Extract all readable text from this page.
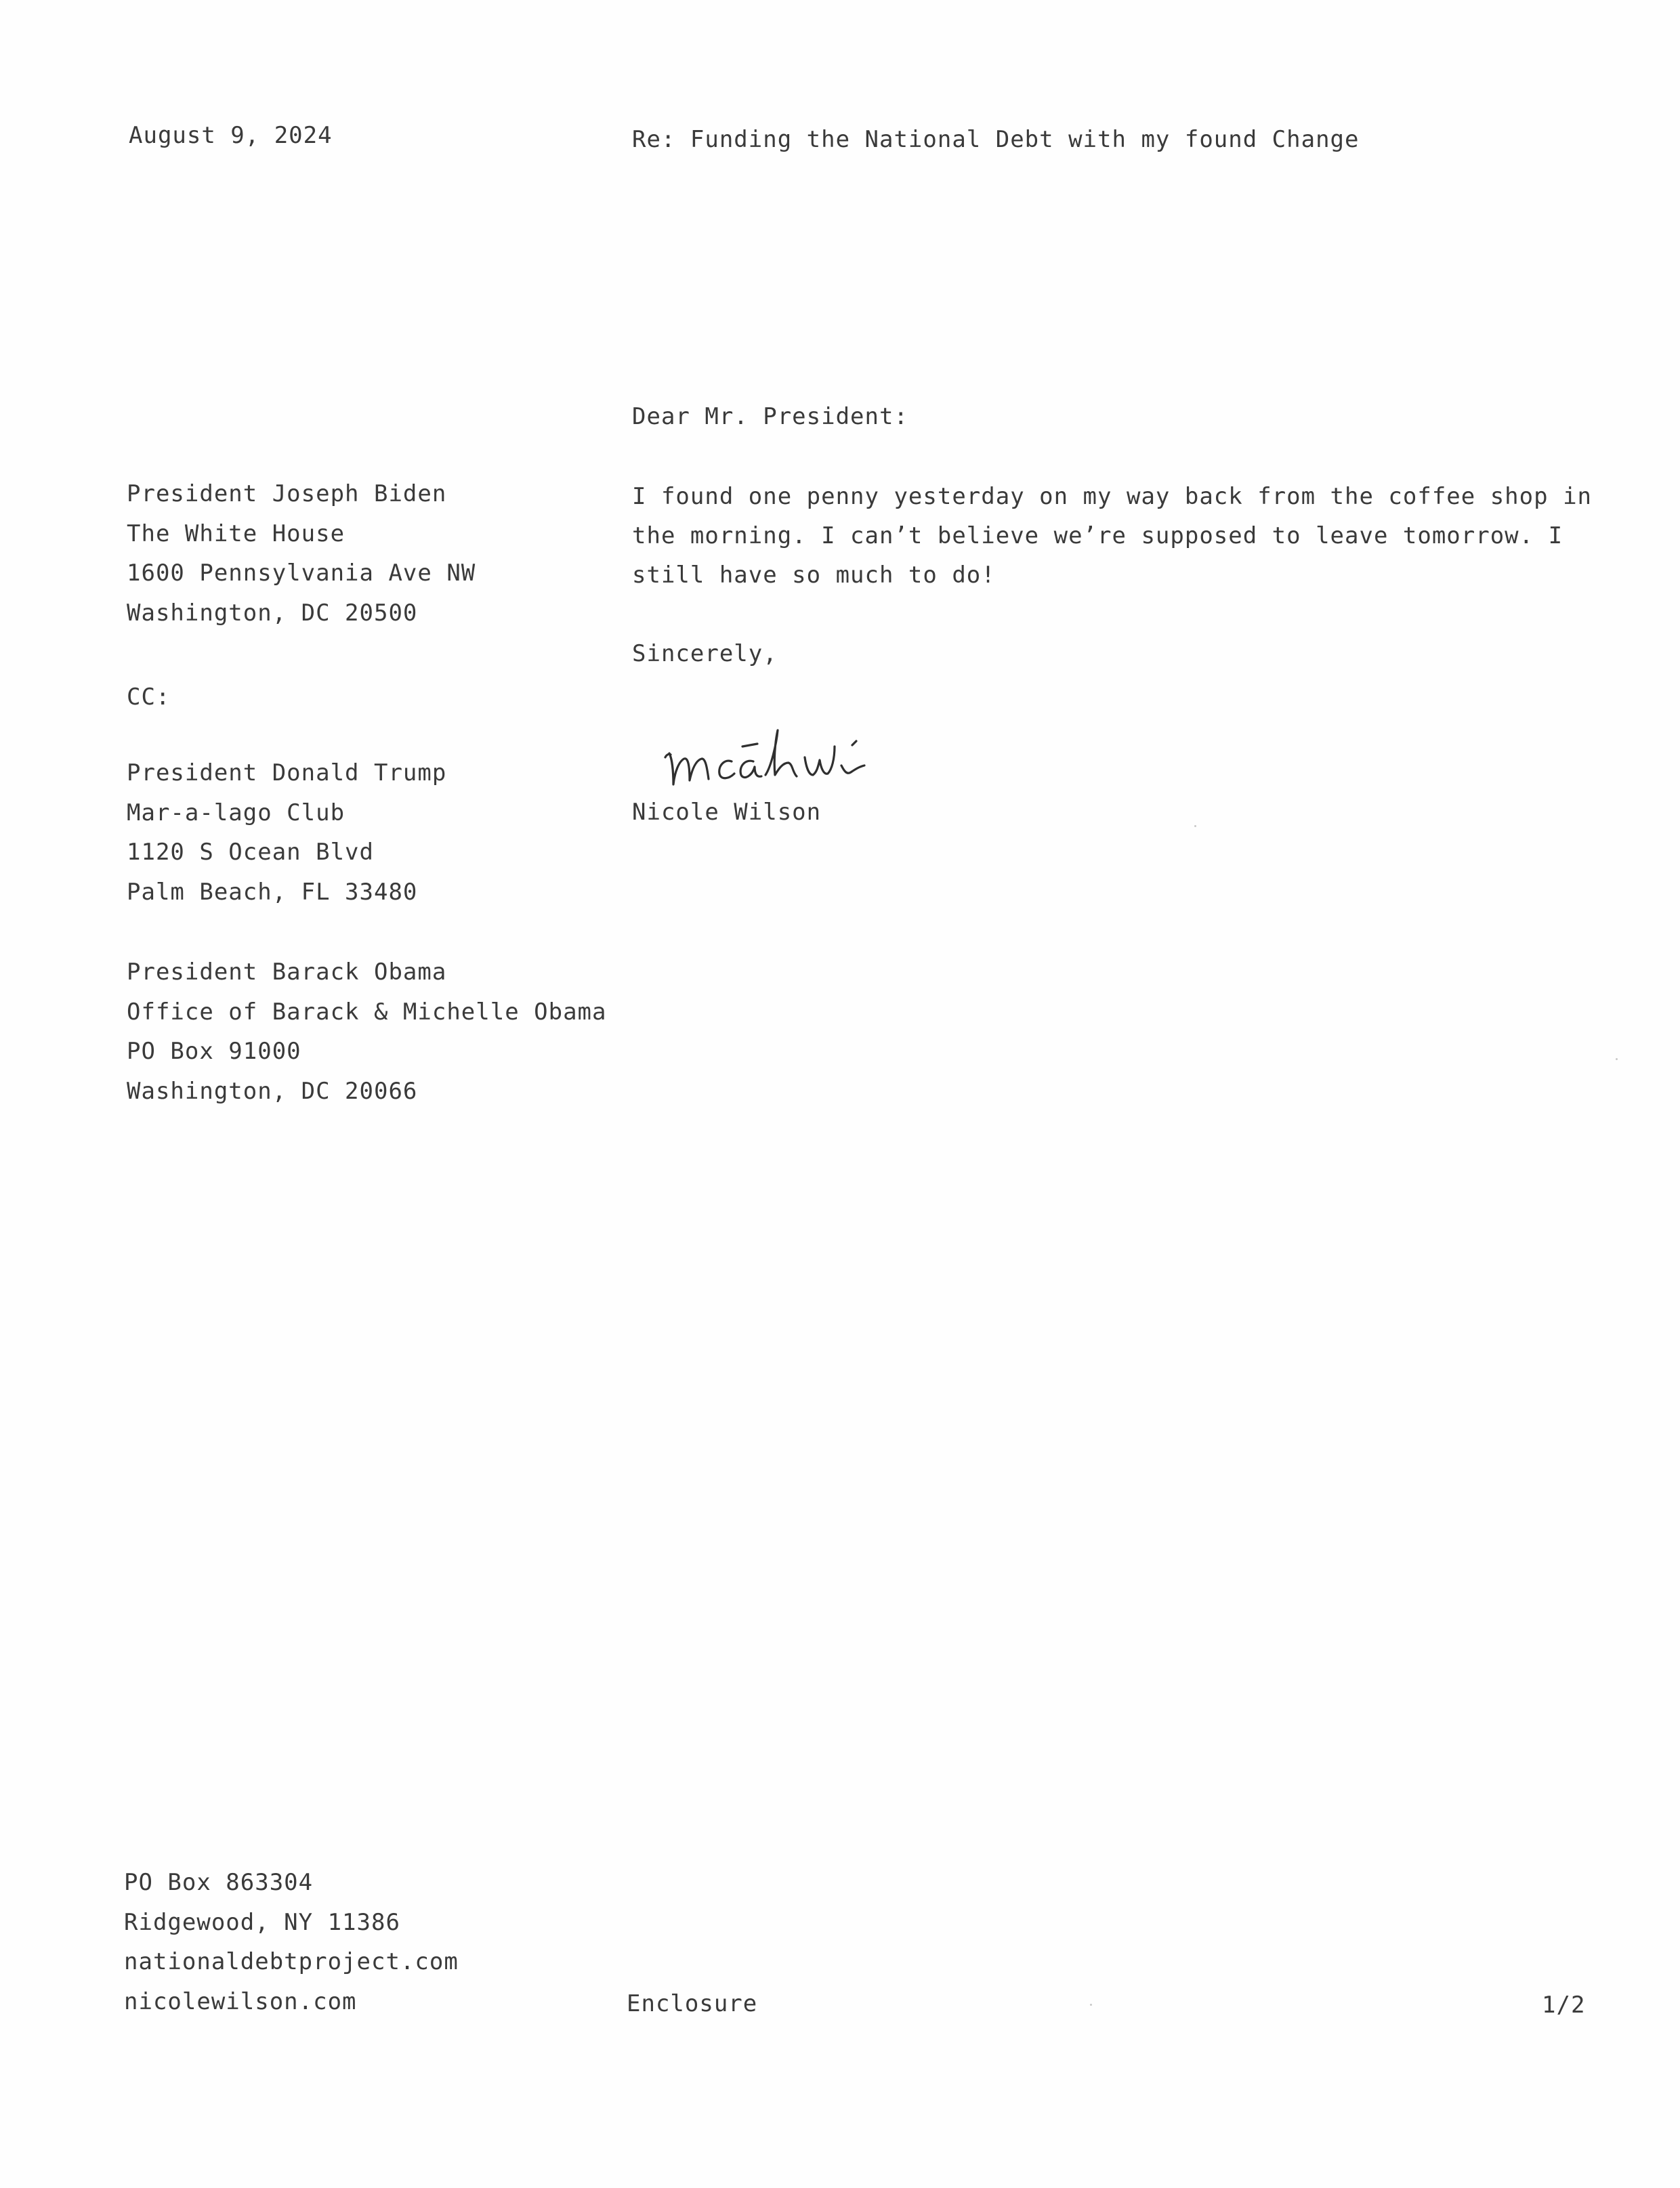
August 9, 2024	Re: Funding the National Debt with my found Change
Dear Mr. President:
President Joseph Biden
The White House
1600 Pennsylvania Ave NW
Washington, DC 20500
CC:
President Donald Trump
Mar-a-lago Club
1120 S Ocean Blvd
Palm Beach, FL 33480
President Barack Obama
Office of Barack & Michelle Obama
PO Box 91000
Washington, DC 20066
I found one penny yesterday on my way back from the coffee shop in
the morning. I can’t believe we’re supposed to leave tomorrow. I
still have so much to do!
Sincerely,
Nicole Wilson
PO Box 863304
Ridgewood, NY 11386
nationaldebtproject.com
nicolewilson.com	Enclosure	1/2
